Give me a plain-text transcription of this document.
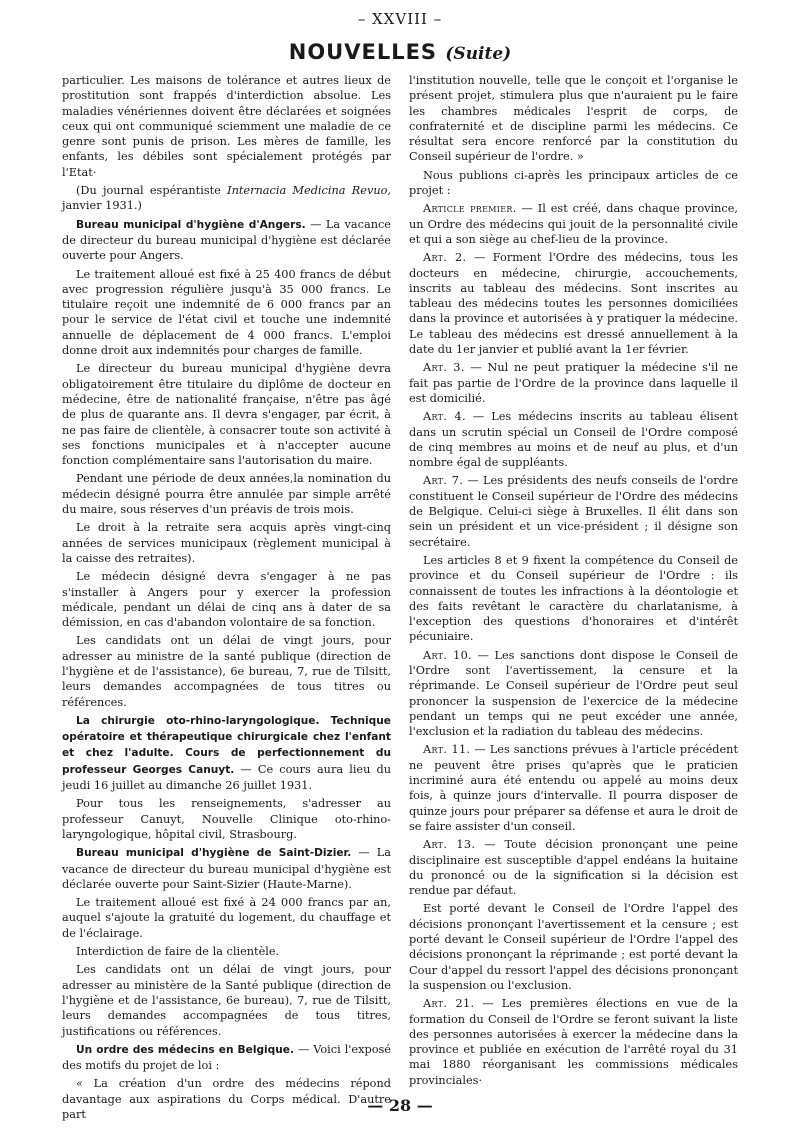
– XXVIII –
NOUVELLES (Suite)

particulier. Les maisons de tolérance et autres lieux de prostitution sont frappés d'interdiction absolue. Les maladies vénériennes doivent être déclarées et soignées ceux qui ont communiqué sciemment une maladie de ce genre sont punis de prison. Les mères de famille, les enfants, les débiles sont spécialement protégés par l'Etat·

(Du journal espérantiste Internacia Medicina Revuo, janvier 1931.)

Bureau municipal d'hygiène d'Angers. — La vacance de directeur du bureau municipal d'hygiène est déclarée ouverte pour Angers.

Le traitement alloué est fixé à 25 400 francs de début avec progression régulière jusqu'à 35 000 francs. Le titulaire reçoit une indemnité de 6 000 francs par an pour le service de l'état civil et touche une indemnité annuelle de déplacement de 4 000 francs. L'emploi donne droit aux indemnités pour charges de famille.

Le directeur du bureau municipal d'hygiène devra obligatoirement être titulaire du diplôme de docteur en médecine, être de nationalité française, n'être pas âgé de plus de quarante ans. Il devra s'engager, par écrit, à ne pas faire de clientèle, à consacrer toute son activité à ses fonctions municipales et à n'accepter aucune fonction complémentaire sans l'autorisation du maire.

Pendant une période de deux années,la nomination du médecin désigné pourra être annulée par simple arrêté du maire, sous réserves d'un préavis de trois mois.

Le droit à la retraite sera acquis après vingt-cinq années de services municipaux (règlement municipal à la caisse des retraites).

Le médecin désigné devra s'engager à ne pas s'installer à Angers pour y exercer la profession médicale, pendant un délai de cinq ans à dater de sa démission, en cas d'abandon volontaire de sa fonction.

Les candidats ont un délai de vingt jours, pour adresser au ministre de la santé publique (direction de l'hygiène et de l'assistance), 6e bureau, 7, rue de Tilsitt, leurs demandes accompagnées de tous titres ou références.

La chirurgie oto-rhino-laryngologique. Technique opératoire et thérapeutique chirurgicale chez l'enfant et chez l'adulte. Cours de perfectionnement du professeur Georges Canuyt. — Ce cours aura lieu du jeudi 16 juillet au dimanche 26 juillet 1931.

Pour tous les renseignements, s'adresser au professeur Canuyt, Nouvelle Clinique oto-rhino-laryngologique, hôpital civil, Strasbourg.

Bureau municipal d'hygiène de Saint-Dizier. — La vacance de directeur du bureau municipal d'hygiène est déclarée ouverte pour Saint-Sizier (Haute-Marne).

Le traitement alloué est fixé à 24 000 francs par an, auquel s'ajoute la gratuité du logement, du chauffage et de l'éclairage.

Interdiction de faire de la clientèle.

Les candidats ont un délai de vingt jours, pour adresser au ministère de la Santé publique (direction de l'hygiène et de l'assistance, 6e bureau), 7, rue de Tilsitt, leurs demandes accompagnées de tous titres, justifications ou références.

Un ordre des médecins en Belgique. — Voici l'exposé des motifs du projet de loi :

« La création d'un ordre des médecins répond davantage aux aspirations du Corps médical. D'autre part

l'institution nouvelle, telle que le conçoit et l'organise le présent projet, stimulera plus que n'auraient pu le faire les chambres médicales l'esprit de corps, de confraternité et de discipline parmi les médecins. Ce résultat sera encore renforcé par la constitution du Conseil supérieur de l'ordre. »

Nous publions ci-après les principaux articles de ce projet :

Article premier. — Il est créé, dans chaque province, un Ordre des médecins qui jouit de la personnalité civile et qui a son siège au chef-lieu de la province.

Art. 2. — Forment l'Ordre des médecins, tous les docteurs en médecine, chirurgie, accouchements, inscrits au tableau des médecins. Sont inscrites au tableau des médecins toutes les personnes domiciliées dans la province et autorisées à y pratiquer la médecine. Le tableau des médecins est dressé annuellement à la date du 1er janvier et publié avant la 1er février.

Art. 3. — Nul ne peut pratiquer la médecine s'il ne fait pas partie de l'Ordre de la province dans laquelle il est domicilié.

Art. 4. — Les médecins inscrits au tableau élisent dans un scrutin spécial un Conseil de l'Ordre composé de cinq membres au moins et de neuf au plus, et d'un nombre égal de suppléants.

Art. 7. — Les présidents des neufs conseils de l'ordre constituent le Conseil supérieur de l'Ordre des médecins de Belgique. Celui-ci siège à Bruxelles. Il élit dans son sein un président et un vice-président ; il désigne son secrétaire.

Les articles 8 et 9 fixent la compétence du Conseil de province et du Conseil supérieur de l'Ordre : ils connaissent de toutes les infractions à la déontologie et des faits revêtant le caractère du charlatanisme, à l'exception des questions d'honoraires et d'intérêt pécuniaire.

Art. 10. — Les sanctions dont dispose le Conseil de l'Ordre sont l'avertissement, la censure et la réprimande. Le Conseil supérieur de l'Ordre peut seul prononcer la suspension de l'exercice de la médecine pendant un temps qui ne peut excéder une année, l'exclusion et la radiation du tableau des médecins.

Art. 11. — Les sanctions prévues à l'article précédent ne peuvent être prises qu'après que le praticien incriminé aura été entendu ou appelé au moins deux fois, à quinze jours d'intervalle. Il pourra disposer de quinze jours pour préparer sa défense et aura le droit de se faire assister d'un conseil.

Art. 13. — Toute décision prononçant une peine disciplinaire est susceptible d'appel endéans la huitaine du prononcé ou de la signification si la décision est rendue par défaut.

Est porté devant le Conseil de l'Ordre l'appel des décisions prononçant l'avertissement et la censure ; est porté devant le Conseil supérieur de l'Ordre l'appel des décisions prononçant la réprimande ; est porté devant la Cour d'appel du ressort l'appel des décisions prononçant la suspension ou l'exclusion.

Art. 21. — Les premières élections en vue de la formation du Conseil de l'Ordre se feront suivant la liste des personnes autorisées à exercer la médecine dans la province et publiée en exécution de l'arrêté royal du 31 mai 1880 réorganisant les commissions médicales provinciales·

— 28 —
